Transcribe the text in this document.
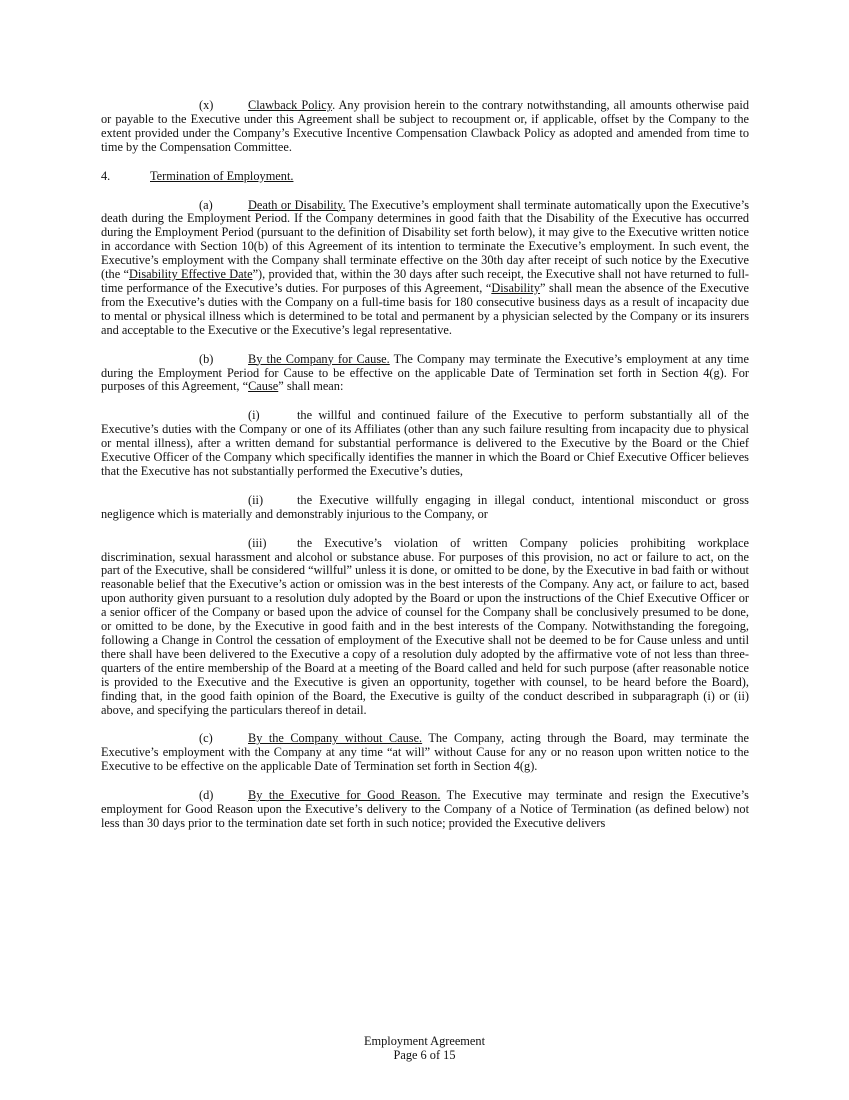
(x)	Clawback Policy. Any provision herein to the contrary notwithstanding, all amounts otherwise paid or payable to the Executive under this Agreement shall be subject to recoupment or, if applicable, offset by the Company to the extent provided under the Company’s Executive Incentive Compensation Clawback Policy as adopted and amended from time to time by the Compensation Committee.

4.	Termination of Employment.

(a)	Death or Disability. The Executive’s employment shall terminate automatically upon the Executive’s death during the Employment Period. If the Company determines in good faith that the Disability of the Executive has occurred during the Employment Period (pursuant to the definition of Disability set forth below), it may give to the Executive written notice in accordance with Section 10(b) of this Agreement of its intention to terminate the Executive’s employment. In such event, the Executive’s employment with the Company shall terminate effective on the 30th day after receipt of such notice by the Executive (the “Disability Effective Date”), provided that, within the 30 days after such receipt, the Executive shall not have returned to full-time performance of the Executive’s duties. For purposes of this Agreement, “Disability” shall mean the absence of the Executive from the Executive’s duties with the Company on a full-time basis for 180 consecutive business days as a result of incapacity due to mental or physical illness which is determined to be total and permanent by a physician selected by the Company or its insurers and acceptable to the Executive or the Executive’s legal representative.

(b)	By the Company for Cause. The Company may terminate the Executive’s employment at any time during the Employment Period for Cause to be effective on the applicable Date of Termination set forth in Section 4(g). For purposes of this Agreement, “Cause” shall mean:

(i)	the willful and continued failure of the Executive to perform substantially all of the Executive’s duties with the Company or one of its Affiliates (other than any such failure resulting from incapacity due to physical or mental illness), after a written demand for substantial performance is delivered to the Executive by the Board or the Chief Executive Officer of the Company which specifically identifies the manner in which the Board or Chief Executive Officer believes that the Executive has not substantially performed the Executive’s duties,

(ii)	the Executive willfully engaging in illegal conduct, intentional misconduct or gross negligence which is materially and demonstrably injurious to the Company, or

(iii) the Executive’s violation of written Company policies prohibiting workplace discrimination, sexual harassment and alcohol or substance abuse. For purposes of this provision, no act or failure to act, on the part of the Executive, shall be considered “willful” unless it is done, or omitted to be done, by the Executive in bad faith or without reasonable belief that the Executive’s action or omission was in the best interests of the Company. Any act, or failure to act, based upon authority given pursuant to a resolution duly adopted by the Board or upon the instructions of the Chief Executive Officer or a senior officer of the Company or based upon the advice of counsel for the Company shall be conclusively presumed to be done, or omitted to be done, by the Executive in good faith and in the best interests of the Company. Notwithstanding the foregoing, following a Change in Control the cessation of employment of the Executive shall not be deemed to be for Cause unless and until there shall have been delivered to the Executive a copy of a resolution duly adopted by the affirmative vote of not less than three-quarters of the entire membership of the Board at a meeting of the Board called and held for such purpose (after reasonable notice is provided to the Executive and the Executive is given an opportunity, together with counsel, to be heard before the Board), finding that, in the good faith opinion of the Board, the Executive is guilty of the conduct described in subparagraph (i) or (ii) above, and specifying the particulars thereof in detail.

(c)	By the Company without Cause. The Company, acting through the Board, may terminate the Executive’s employment with the Company at any time “at will” without Cause for any or no reason upon written notice to the Executive to be effective on the applicable Date of Termination set forth in Section 4(g).

(d)	By the Executive for Good Reason. The Executive may terminate and resign the Executive’s employment for Good Reason upon the Executive’s delivery to the Company of a Notice of Termination (as defined below) not less than 30 days prior to the termination date set forth in such notice; provided the Executive delivers

Employment Agreement
Page 6 of 15
